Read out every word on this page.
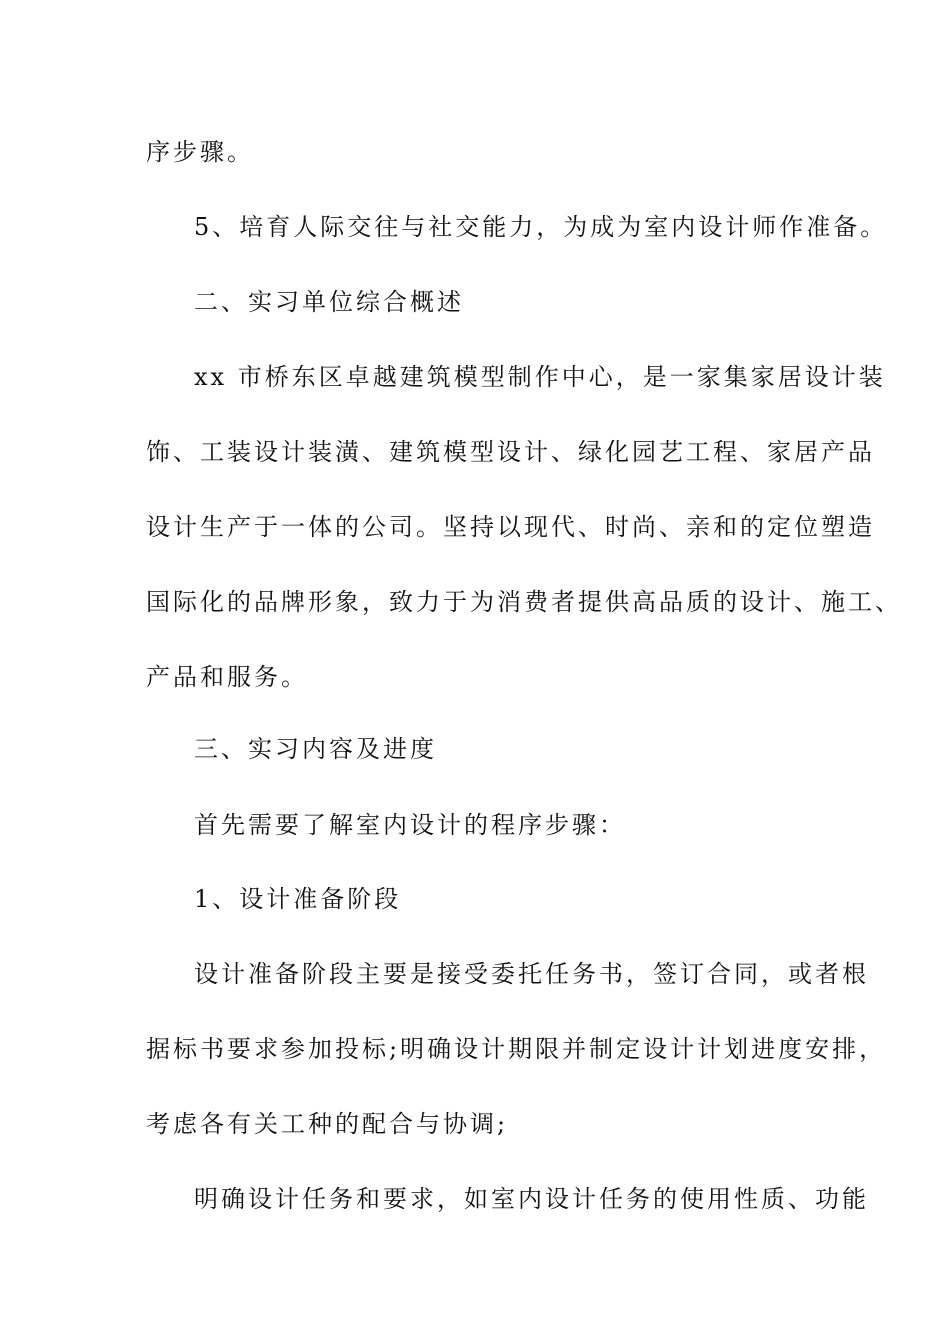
序步骤。

5、培育人际交往与社交能力，为成为室内设计师作准备。

二、实习单位综合概述

xx 市桥东区卓越建筑模型制作中心，是一家集家居设计装

饰、工装设计装潢、建筑模型设计、绿化园艺工程、家居产品

设计生产于一体的公司。坚持以现代、时尚、亲和的定位塑造

国际化的品牌形象，致力于为消费者提供高品质的设计、施工、

产品和服务。

三、实习内容及进度

首先需要了解室内设计的程序步骤：

1、设计准备阶段

设计准备阶段主要是接受委托任务书，签订合同，或者根

据标书要求参加投标;明确设计期限并制定设计计划进度安排，

考虑各有关工种的配合与协调;

明确设计任务和要求，如室内设计任务的使用性质、功能
